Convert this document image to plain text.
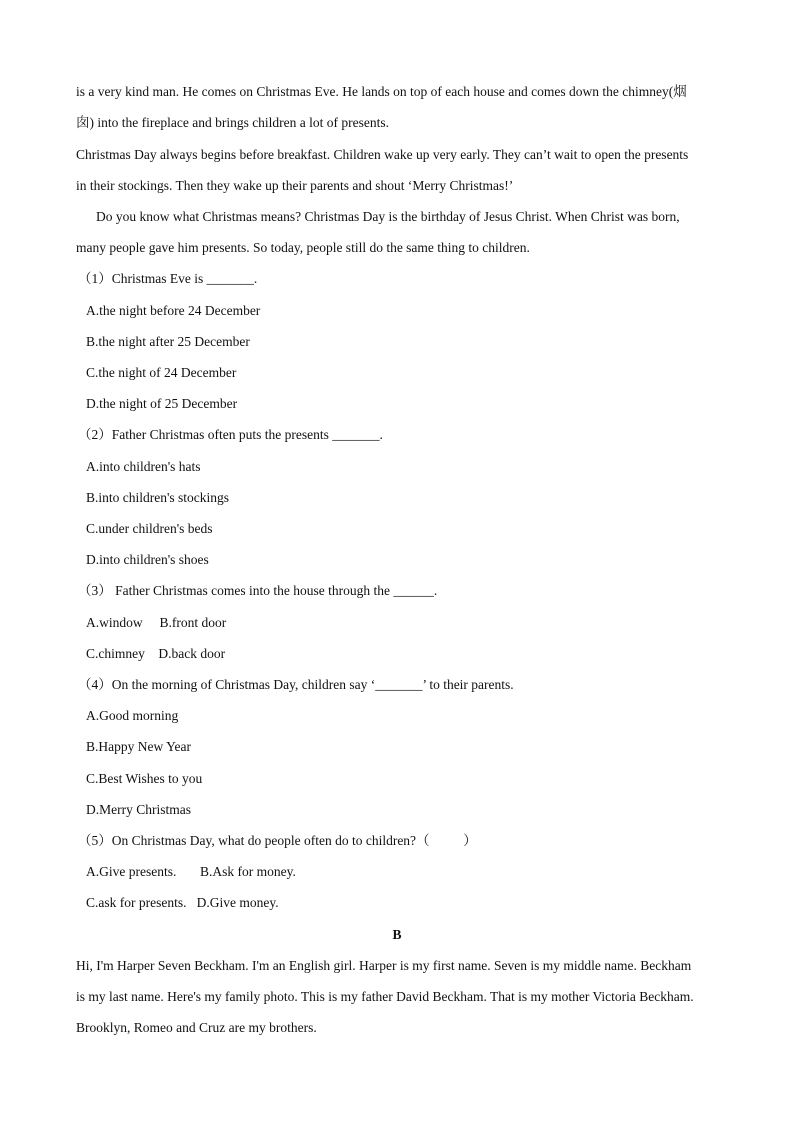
is a very kind man. He comes on Christmas Eve. He lands on top of each house and comes down the chimney(烟
囱) into the fireplace and brings children a lot of presents.
Christmas Day always begins before breakfast. Children wake up very early. They can’t wait to open the presents
in their stockings. Then they wake up their parents and shout ‘Merry Christmas!’
Do you know what Christmas means? Christmas Day is the birthday of Jesus Christ. When Christ was born,
many people gave him presents. So today, people still do the same thing to children.
（1）Christmas Eve is _______.
A.the night before 24 December
B.the night after 25 December
C.the night of 24 December
D.the night of 25 December
（2）Father Christmas often puts the presents _______.
A.into children's hats
B.into children's stockings
C.under children's beds
D.into children's shoes
（3） Father Christmas comes into the house through the ______.
A.window     B.front door
C.chimney    D.back door
（4）On the morning of Christmas Day, children say ‘_______’ to their parents.
A.Good morning
B.Happy New Year
C.Best Wishes to you
D.Merry Christmas
（5）On Christmas Day, what do people often do to children?（          ）
A.Give presents.       B.Ask for money.
C.ask for presents.   D.Give money.
B
Hi, I'm Harper Seven Beckham. I'm an English girl. Harper is my first name. Seven is my middle name. Beckham
is my last name. Here's my family photo. This is my father David Beckham. That is my mother Victoria Beckham.
Brooklyn, Romeo and Cruz are my brothers.
